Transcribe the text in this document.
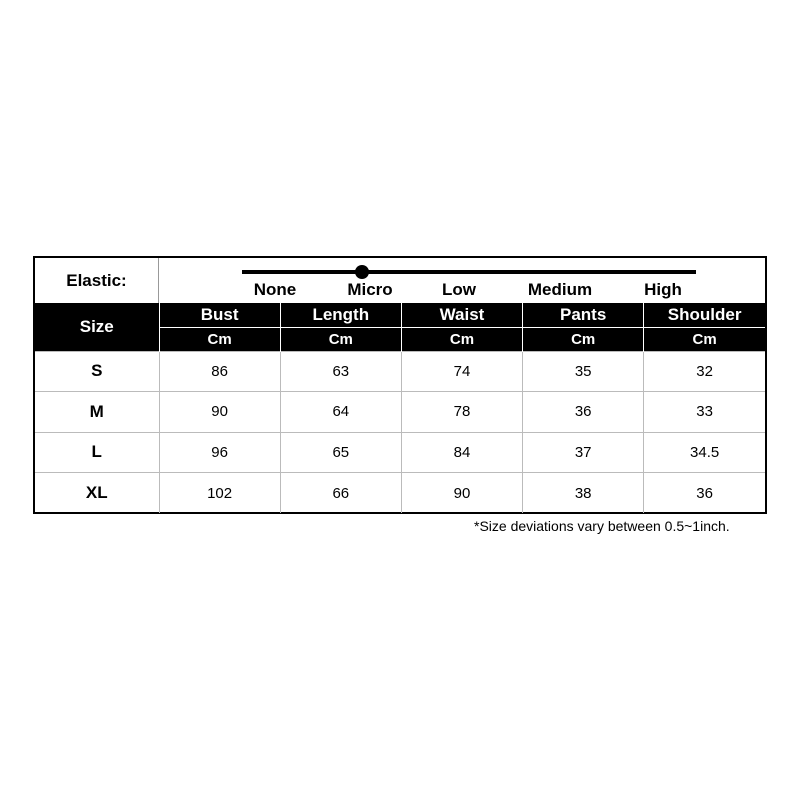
Elastic:	None	Micro	Low	Medium	High
Size	Bust	Length	Waist	Pants	Shoulder
	Cm	Cm	Cm	Cm	Cm
S	86	63	74	35	32
M	90	64	78	36	33
L	96	65	84	37	34.5
XL	102	66	90	38	36
*Size deviations vary between 0.5~1inch.
